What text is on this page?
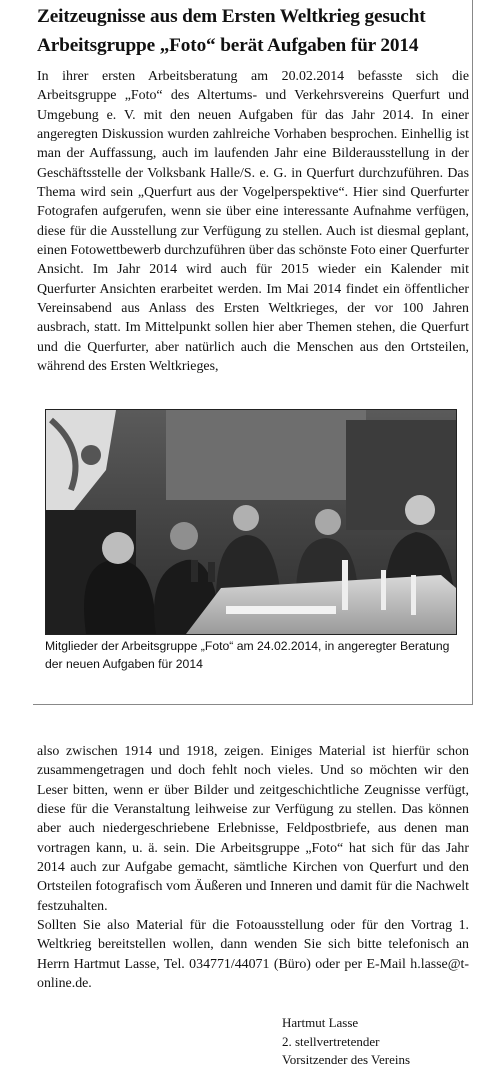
Zeitzeugnisse aus dem Ersten Weltkrieg gesucht
Arbeitsgruppe „Foto“ berät Aufgaben für 2014

In ihrer ersten Arbeitsberatung am 20.02.2014 befasste sich die Arbeitsgruppe „Foto“ des Altertums- und Verkehrsvereins Querfurt und Umgebung e. V. mit den neuen Aufgaben für das Jahr 2014. In einer angeregten Diskussion wurden zahlreiche Vorhaben besprochen. Einhellig ist man der Auffassung, auch im laufenden Jahr eine Bilderausstellung in der Geschäftsstelle der Volksbank Halle/S. e. G. in Querfurt durchzuführen. Das Thema wird sein „Querfurt aus der Vogelperspektive“. Hier sind Querfurter Fotografen aufgerufen, wenn sie über eine interessante Aufnahme verfügen, diese für die Ausstellung zur Verfügung zu stellen. Auch ist diesmal geplant, einen Fotowettbewerb durchzuführen über das schönste Foto einer Querfurter Ansicht. Im Jahr 2014 wird auch für 2015 wieder ein Kalender mit Querfurter Ansichten erarbeitet werden. Im Mai 2014 findet ein öffentlicher Vereinsabend aus Anlass des Ersten Weltkrieges, der vor 100 Jahren ausbrach, statt. Im Mittelpunkt sollen hier aber Themen stehen, die Querfurt und die Querfurter, aber natürlich auch die Menschen aus den Ortsteilen, während des Ersten Weltkrieges,

Mitglieder der Arbeitsgruppe „Foto“ am 24.02.2014, in angeregter Beratung der neuen Aufgaben für 2014

also zwischen 1914 und 1918, zeigen. Einiges Material ist hierfür schon zusammengetragen und doch fehlt noch vieles. Und so möchten wir den Leser bitten, wenn er über Bilder und zeitgeschichtliche Zeugnisse verfügt, diese für die Veranstaltung leihweise zur Verfügung zu stellen. Das können aber auch niedergeschriebene Erlebnisse, Feldpostbriefe, aus denen man vortragen kann, u. ä. sein. Die Arbeitsgruppe „Foto“ hat sich für das Jahr 2014 auch zur Aufgabe gemacht, sämtliche Kirchen von Querfurt und den Ortsteilen fotografisch vom Äußeren und Inneren und damit für die Nachwelt festzuhalten.
Sollten Sie also Material für die Fotoausstellung oder für den Vortrag 1. Weltkrieg bereitstellen wollen, dann wenden Sie sich bitte telefonisch an Herrn Hartmut Lasse, Tel. 034771/44071 (Büro) oder per E-Mail h.lasse@t-online.de.

Hartmut Lasse
2. stellvertretender
Vorsitzender des Vereins
